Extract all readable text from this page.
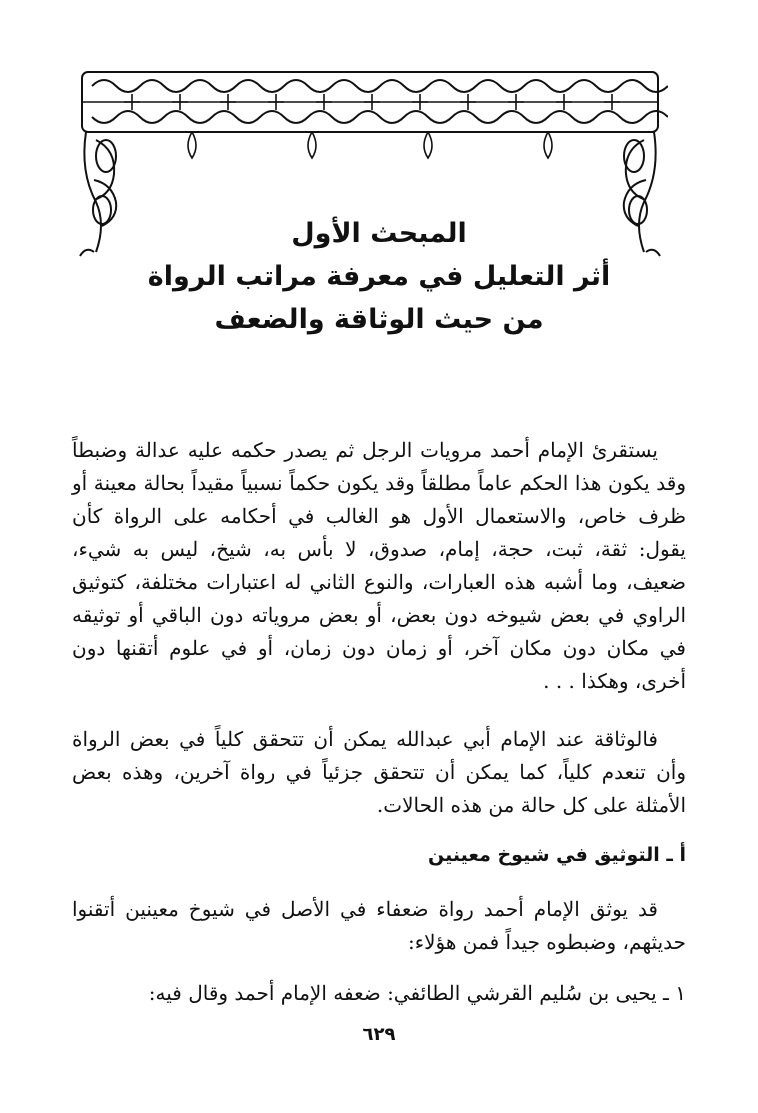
المبحث الأول

أثر التعليل في معرفة مراتب الرواة

من حيث الوثاقة والضعف

يستقرئ الإمام أحمد مرويات الرجل ثم يصدر حكمه عليه عدالة وضبطاً وقد يكون هذا الحكم عاماً مطلقاً وقد يكون حكماً نسبياً مقيداً بحالة معينة أو ظرف خاص، والاستعمال الأول هو الغالب في أحكامه على الرواة كأن يقول: ثقة، ثبت، حجة، إمام، صدوق، لا بأس به، شيخ، ليس به شيء، ضعيف، وما أشبه هذه العبارات، والنوع الثاني له اعتبارات مختلفة، كتوثيق الراوي في بعض شيوخه دون بعض، أو بعض مروياته دون الباقي أو توثيقه في مكان دون مكان آخر، أو زمان دون زمان، أو في علوم أتقنها دون أخرى، وهكذا . . .

فالوثاقة عند الإمام أبي عبدالله يمكن أن تتحقق كلياً في بعض الرواة وأن تنعدم كلياً، كما يمكن أن تتحقق جزئياً في رواة آخرين، وهذه بعض الأمثلة على كل حالة من هذه الحالات.

أ ـ التوثيق في شيوخ معينين

قد يوثق الإمام أحمد رواة ضعفاء في الأصل في شيوخ معينين أتقنوا حديثهم، وضبطوه جيداً فمن هؤلاء:

١ ـ يحيى بن سُليم القرشي الطائفي: ضعفه الإمام أحمد وقال فيه:
٦٢٩
